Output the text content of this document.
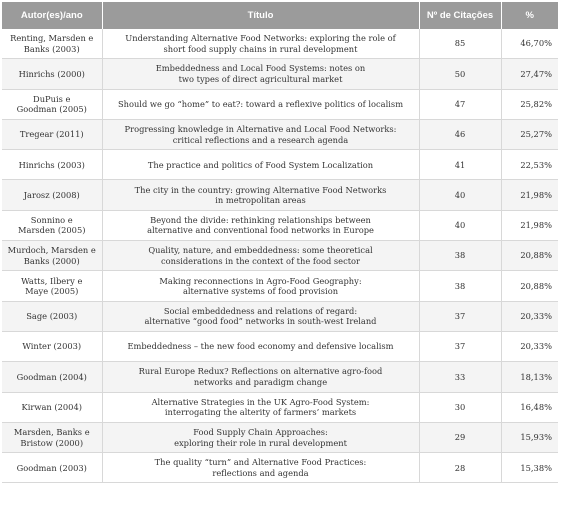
Autor(es)/ano	Título	Nº de Citações	%

Renting, Marsden e
Banks (2003)	Understanding Alternative Food Networks: exploring the role of
short food supply chains in rural development	85	46,70%

Hinrichs (2000)	Embeddedness and Local Food Systems: notes on
two types of direct agricultural market	50	27,47%

DuPuis e
Goodman (2005)	Should we go “home” to eat?: toward a reflexive politics of localism	47	25,82%

Tregear (2011)	Progressing knowledge in Alternative and Local Food Networks:
critical reflections and a research agenda	46	25,27%

Hinrichs (2003)	The practice and politics of Food System Localization	41	22,53%

Jarosz (2008)	The city in the country: growing Alternative Food Networks
in metropolitan areas	40	21,98%

Sonnino e
Marsden (2005)	Beyond the divide: rethinking relationships between
alternative and conventional food networks in Europe	40	21,98%

Murdoch, Marsden e
Banks (2000)	Quality, nature, and embeddedness: some theoretical
considerations in the context of the food sector	38	20,88%

Watts, Ilbery e
Maye (2005)	Making reconnections in Agro-Food Geography:
alternative systems of food provision	38	20,88%

Sage (2003)	Social embeddedness and relations of regard:
alternative “good food” networks in south-west Ireland	37	20,33%

Winter (2003)	Embeddedness – the new food economy and defensive localism	37	20,33%

Goodman (2004)	Rural Europe Redux? Reflections on alternative agro-food
networks and paradigm change	33	18,13%

Kirwan (2004)	Alternative Strategies in the UK Agro-Food System:
interrogating the alterity of farmers’ markets	30	16,48%

Marsden, Banks e
Bristow (2000)	Food Supply Chain Approaches:
exploring their role in rural development	29	15,93%

Goodman (2003)	The quality “turn” and Alternative Food Practices:
reflections and agenda	28	15,38%
